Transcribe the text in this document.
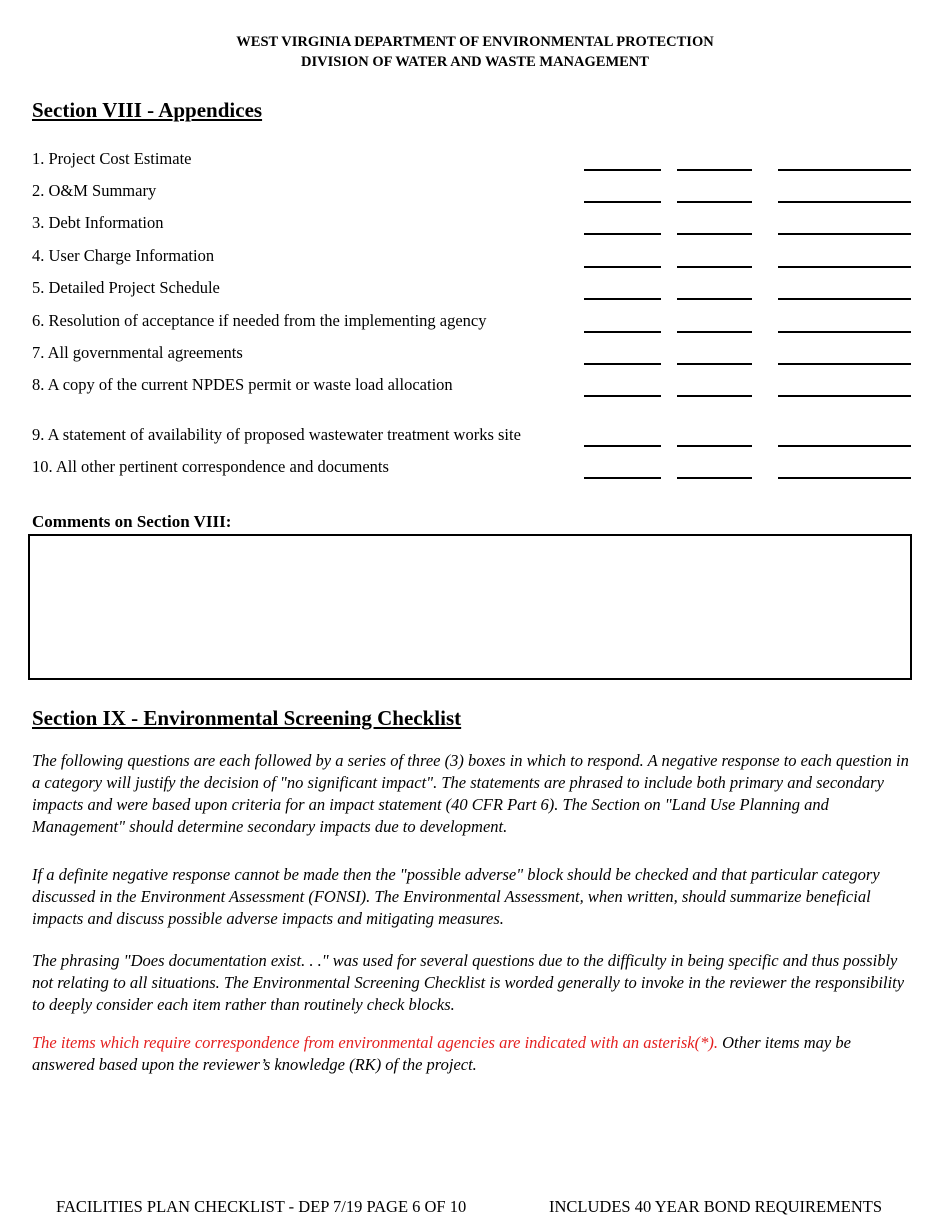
WEST VIRGINIA DEPARTMENT OF ENVIRONMENTAL PROTECTION
DIVISION OF WATER AND WASTE MANAGEMENT
Section VIII - Appendices
1. Project Cost Estimate
2. O&M Summary
3. Debt Information
4. User Charge Information
5. Detailed Project Schedule
6. Resolution of acceptance if needed from the implementing agency
7. All governmental agreements
8. A copy of the current NPDES permit or waste load allocation
9. A statement of availability of proposed wastewater treatment works site
10. All other pertinent correspondence and documents
Comments on Section VIII:
Section IX - Environmental Screening Checklist
The following questions are each followed by a series of three (3) boxes in which to respond. A negative response to each question in a category will justify the decision of "no significant impact". The statements are phrased to include both primary and secondary impacts and were based upon criteria for an impact statement (40 CFR Part 6). The Section on "Land Use Planning and Management" should determine secondary impacts due to development.
If a definite negative response cannot be made then the "possible adverse" block should be checked and that particular category discussed in the Environment Assessment (FONSI). The Environmental Assessment, when written, should summarize beneficial impacts and discuss possible adverse impacts and mitigating measures.
The phrasing "Does documentation exist. . ." was used for several questions due to the difficulty in being specific and thus possibly not relating to all situations. The Environmental Screening Checklist is worded generally to invoke in the reviewer the responsibility to deeply consider each item rather than routinely check blocks.
The items which require correspondence from environmental agencies are indicated with an asterisk(*). Other items may be answered based upon the reviewer’s knowledge (RK) of the project.
FACILITIES PLAN CHECKLIST - DEP 7/19 PAGE 6 OF 10	INCLUDES 40 YEAR BOND REQUIREMENTS
